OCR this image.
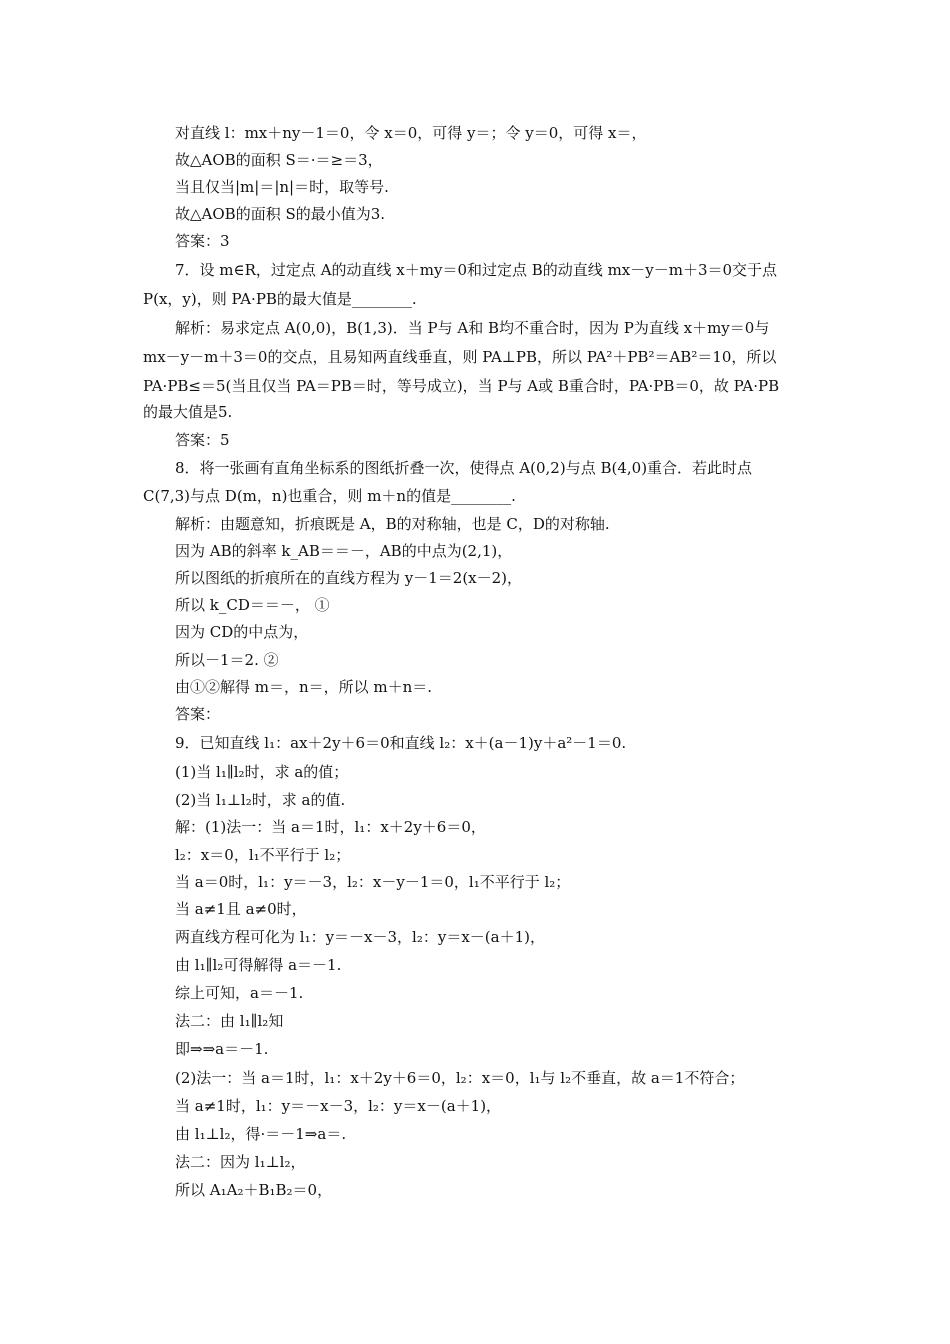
对直线 l：mx＋ny－1＝0，令 x＝0，可得 y＝；令 y＝0，可得 x＝，
故△AOB的面积 S＝·＝≥＝3，
当且仅当|m|＝|n|＝时，取等号.
故△AOB的面积 S的最小值为3.
答案：3
7．设 m∈R，过定点 A的动直线 x＋my＝0和过定点 B的动直线 mx－y－m＋3＝0交于点
P(x，y)，则 PA·PB的最大值是________.
解析：易求定点 A(0,0)，B(1,3)．当 P与 A和 B均不重合时，因为 P为直线 x＋my＝0与
mx－y－m＋3＝0的交点，且易知两直线垂直，则 PA⊥PB，所以 PA²＋PB²＝AB²＝10，所以
PA·PB≤＝5(当且仅当 PA＝PB＝时，等号成立)，当 P与 A或 B重合时，PA·PB＝0，故 PA·PB
的最大值是5.
答案：5
8．将一张画有直角坐标系的图纸折叠一次，使得点 A(0,2)与点 B(4,0)重合．若此时点
C(7,3)与点 D(m，n)也重合，则 m＋n的值是________.
解析：由题意知，折痕既是 A，B的对称轴，也是 C，D的对称轴.
因为 AB的斜率 k_AB＝＝－，AB的中点为(2,1)，
所以图纸的折痕所在的直线方程为 y－1＝2(x－2)，
所以 k_CD＝＝－， ①
因为 CD的中点为，
所以－1＝2. ②
由①②解得 m＝，n＝，所以 m＋n＝.
答案：
9．已知直线 l₁：ax＋2y＋6＝0和直线 l₂：x＋(a－1)y＋a²－1＝0.
(1)当 l₁∥l₂时，求 a的值；
(2)当 l₁⊥l₂时，求 a的值.
解：(1)法一：当 a＝1时，l₁：x＋2y＋6＝0，
l₂：x＝0，l₁不平行于 l₂；
当 a＝0时，l₁：y＝－3，l₂：x－y－1＝0，l₁不平行于 l₂；
当 a≠1且 a≠0时，
两直线方程可化为 l₁：y＝－x－3，l₂：y＝x－(a＋1)，
由 l₁∥l₂可得解得 a＝－1.
综上可知，a＝－1.
法二：由 l₁∥l₂知
即⇒⇒a＝－1.
(2)法一：当 a＝1时，l₁：x＋2y＋6＝0，l₂：x＝0，l₁与 l₂不垂直，故 a＝1不符合；
当 a≠1时，l₁：y＝－x－3，l₂：y＝x－(a＋1)，
由 l₁⊥l₂，得·＝－1⇒a＝.
法二：因为 l₁⊥l₂，
所以 A₁A₂＋B₁B₂＝0，
